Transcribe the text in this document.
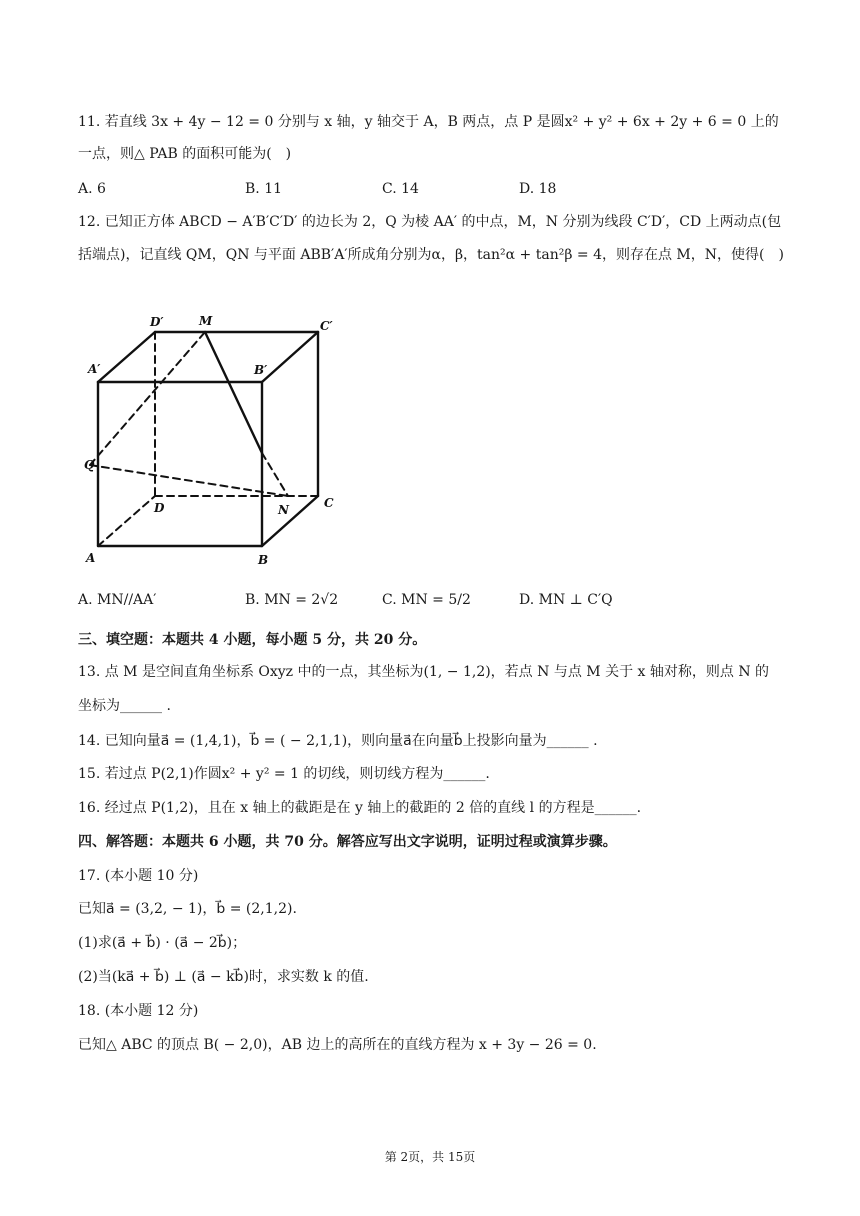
11. 若直线 3x + 4y − 12 = 0 分别与 x 轴，y 轴交于 A，B 两点，点 P 是圆x² + y² + 6x + 2y + 6 = 0 上的
一点，则△ PAB 的面积可能为(　)
A. 6	B. 11	C. 14	D. 18
12. 已知正方体 ABCD − A′B′C′D′ 的边长为 2，Q 为棱 AA′ 的中点，M，N 分别为线段 C′D′，CD 上两动点(包
括端点)，记直线 QM，QN 与平面 ABB′A′所成角分别为α，β，tan²α + tan²β = 4，则存在点 M，N，使得(　)
D′	M	C′
A′	B′
Q
D	N	C
A	B
A. MN//AA′	B. MN = 2√2	C. MN = 5/2	D. MN ⊥ C′Q
三、填空题：本题共 4 小题，每小题 5 分，共 20 分。
13. 点 M 是空间直角坐标系 Oxyz 中的一点，其坐标为(1, − 1,2)，若点 N 与点 M 关于 x 轴对称，则点 N 的
坐标为______ .
14. 已知向量a⃗ = (1,4,1)，b⃗ = ( − 2,1,1)，则向量a⃗在向量b⃗上投影向量为______ .
15. 若过点 P(2,1)作圆x² + y² = 1 的切线，则切线方程为______.
16. 经过点 P(1,2)，且在 x 轴上的截距是在 y 轴上的截距的 2 倍的直线 l 的方程是______.
四、解答题：本题共 6 小题，共 70 分。解答应写出文字说明，证明过程或演算步骤。
17. (本小题 10 分)
已知a⃗ = (3,2, − 1)，b⃗ = (2,1,2).
(1)求(a⃗ + b⃗) · (a⃗ − 2b⃗)；
(2)当(ka⃗ + b⃗) ⊥ (a⃗ − kb⃗)时，求实数 k 的值.
18. (本小题 12 分)
已知△ ABC 的顶点 B( − 2,0)，AB 边上的高所在的直线方程为 x + 3y − 26 = 0.
第 2页，共 15页
